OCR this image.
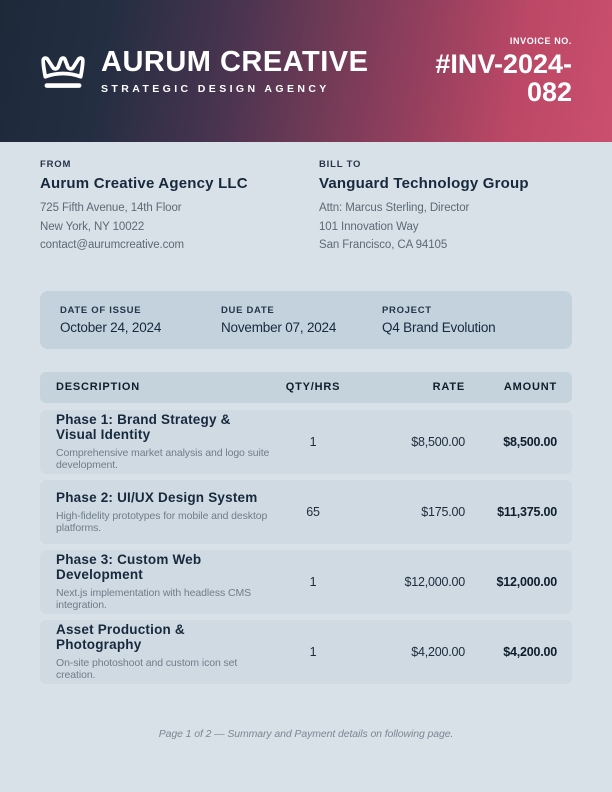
AURUM CREATIVE
STRATEGIC DESIGN AGENCY
INVOICE NO.
#INV-2024-082
FROM
Aurum Creative Agency LLC
725 Fifth Avenue, 14th Floor
New York, NY 10022
contact@aurumcreative.com
BILL TO
Vanguard Technology Group
Attn: Marcus Sterling, Director
101 Innovation Way
San Francisco, CA 94105
DATE OF ISSUE
October 24, 2024
DUE DATE
November 07, 2024
PROJECT
Q4 Brand Evolution
DESCRIPTION	QTY/HRS	RATE	AMOUNT
Phase 1: Brand Strategy & Visual Identity
Comprehensive market analysis and logo suite development.
1	$8,500.00	$8,500.00
Phase 2: UI/UX Design System
High-fidelity prototypes for mobile and desktop platforms.
65	$175.00	$11,375.00
Phase 3: Custom Web Development
Next.js implementation with headless CMS integration.
1	$12,000.00	$12,000.00
Asset Production & Photography
On-site photoshoot and custom icon set creation.
1	$4,200.00	$4,200.00
Page 1 of 2 — Summary and Payment details on following page.
